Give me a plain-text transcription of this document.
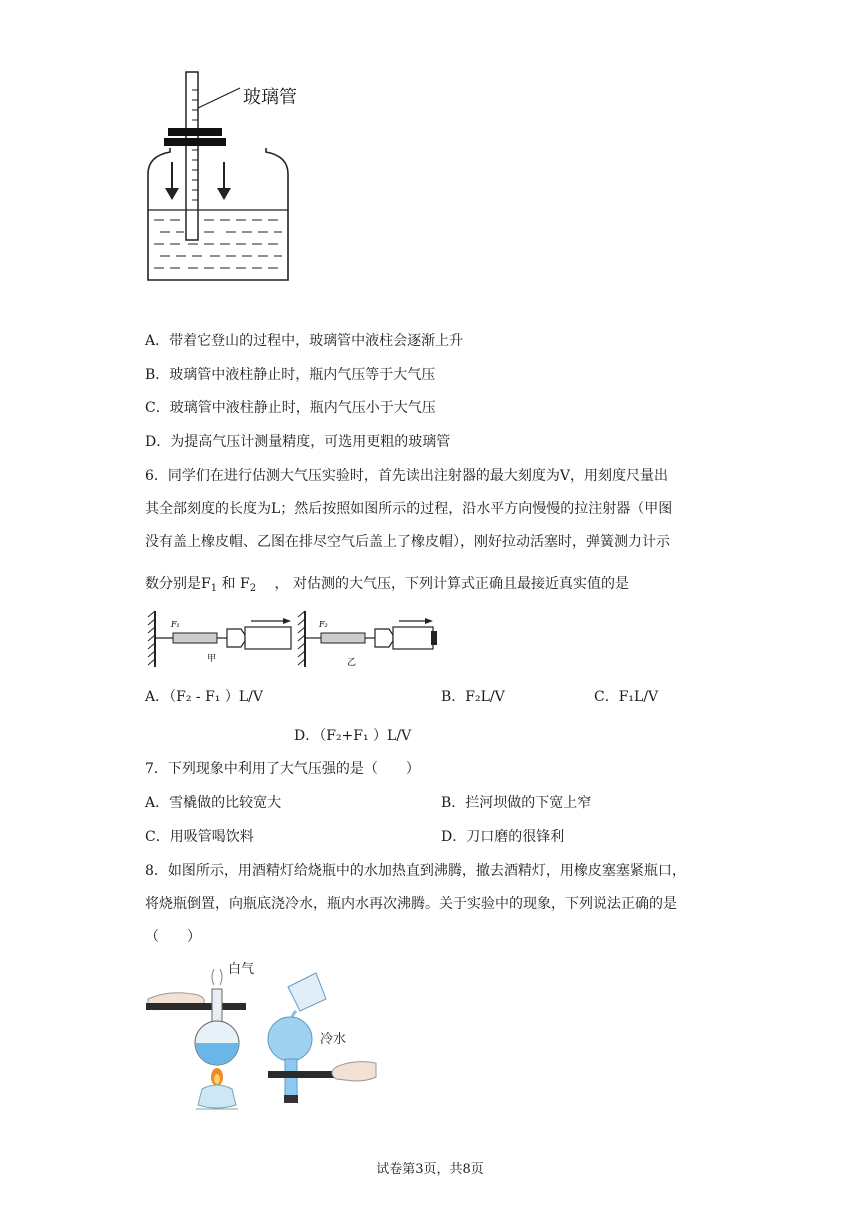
玻璃管
A．带着它登山的过程中，玻璃管中液柱会逐渐上升
B．玻璃管中液柱静止时，瓶内气压等于大气压
C．玻璃管中液柱静止时，瓶内气压小于大气压
D．为提高气压计测量精度，可选用更粗的玻璃管
6．同学们在进行估测大气压实验时，首先读出注射器的最大刻度为V，用刻度尺量出
其全部刻度的长度为L；然后按照如图所示的过程，沿水平方向慢慢的拉注射器（甲图
没有盖上橡皮帽、乙图在排尽空气后盖上了橡皮帽），刚好拉动活塞时，弹簧测力计示
数分别是$F_1$ 和 $F_2$ ， 对估测的大气压，下列计算式正确且最接近真实值的是
F₁
甲
F₂
乙
A．（F₂ - F₁ ）L/V	B．F₂L/V	C．F₁L/V
D．（F₂+F₁ ）L/V
7．下列现象中利用了大气压强的是（　　）
A．雪橇做的比较宽大	B．拦河坝做的下宽上窄
C．用吸管喝饮料	D．刀口磨的很锋利
8．如图所示，用酒精灯给烧瓶中的水加热直到沸腾，撤去酒精灯，用橡皮塞塞紧瓶口，
将烧瓶倒置，向瓶底浇冷水，瓶内水再次沸腾。关于实验中的现象，下列说法正确的是
（　　）
白气
冷水
试卷第3页，共8页
